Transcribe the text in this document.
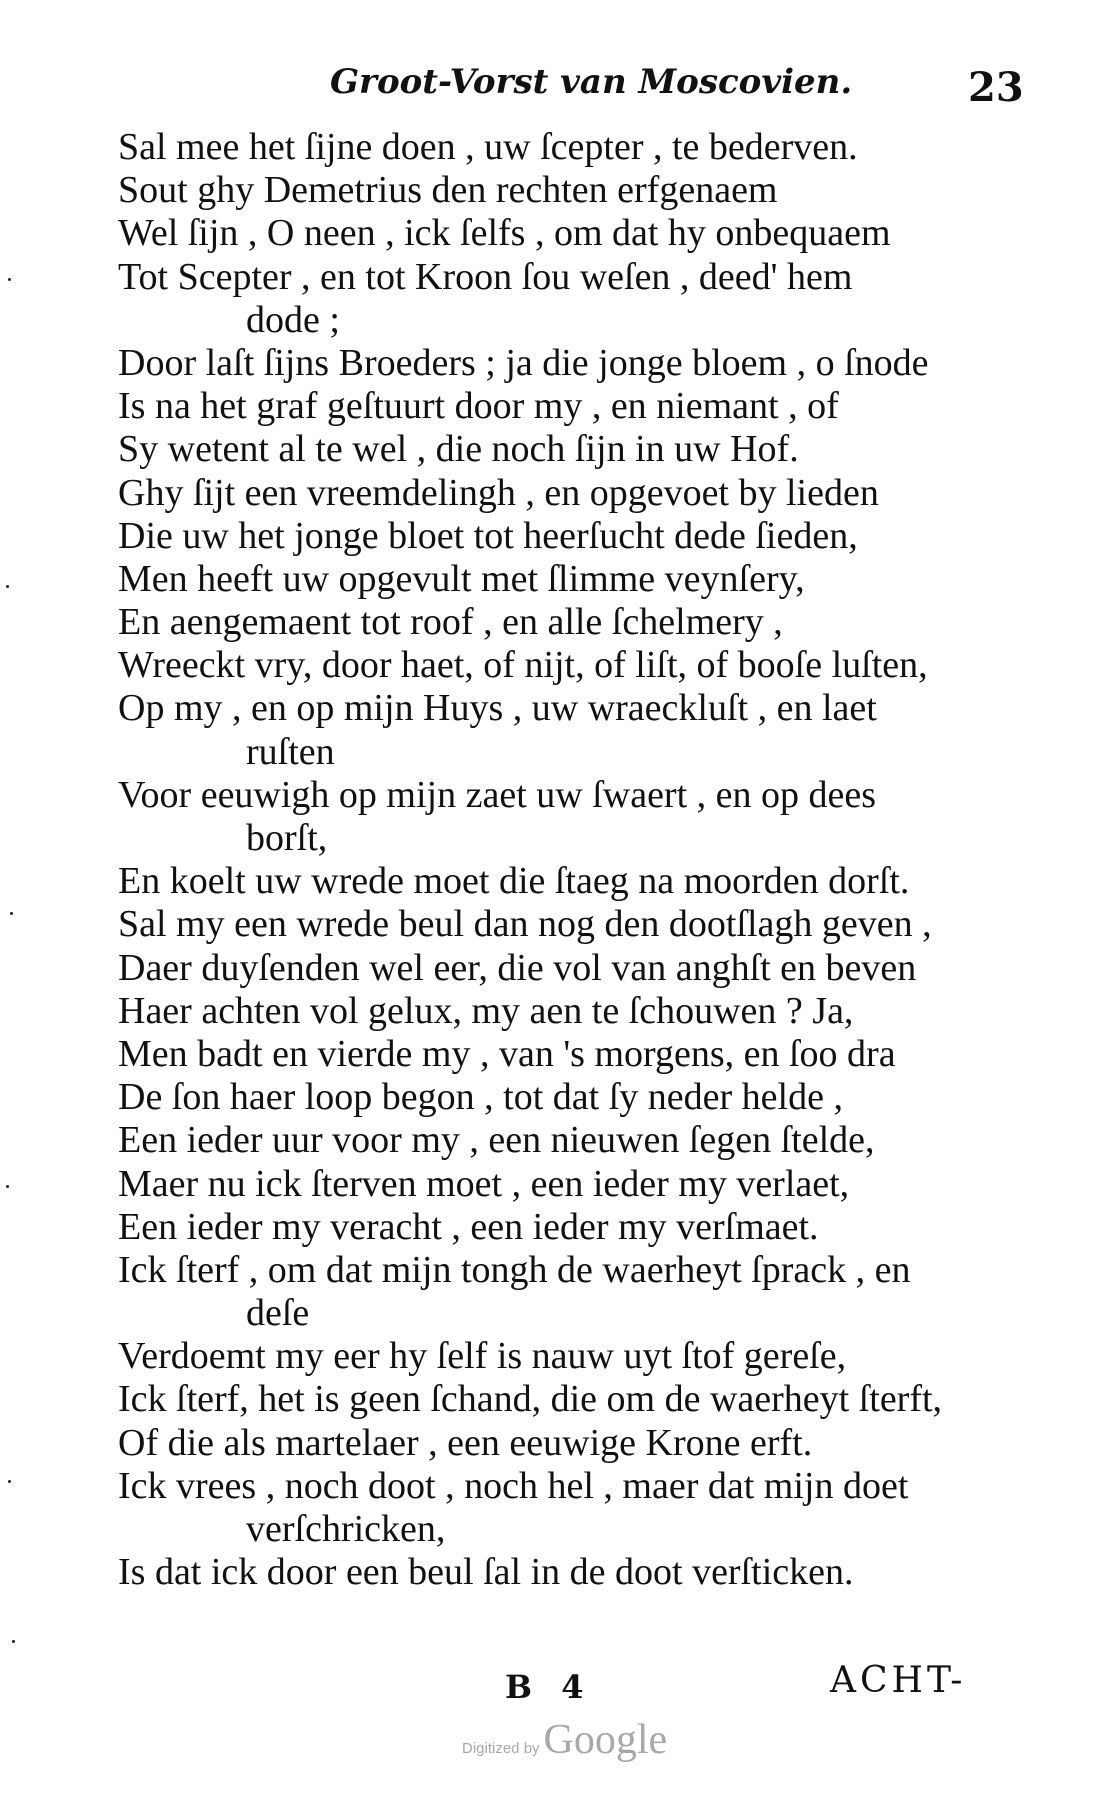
Groot-Vorst van Moscovien.	23
Sal mee het ſijne doen , uw ſcepter , te bederven.
Sout ghy Demetrius den rechten erfgenaem
Wel ſijn , O neen , ick ſelfs , om dat hy onbequaem
Tot Scepter , en tot Kroon ſou weſen , deed' hem
dode ;
Door laſt ſijns Broeders ; ja die jonge bloem , o ſnode
Is na het graf geſtuurt door my , en niemant , of
Sy wetent al te wel , die noch ſijn in uw Hof.
Ghy ſijt een vreemdelingh , en opgevoet by lieden
Die uw het jonge bloet tot heerſucht dede ſieden,
Men heeft uw opgevult met ſlimme veynſery,
En aengemaent tot roof , en alle ſchelmery ,
Wreeckt vry, door haet, of nijt, of liſt, of booſe luſten,
Op my , en op mijn Huys , uw wraeckluſt , en laet
ruſten
Voor eeuwigh op mijn zaet uw ſwaert , en op dees
borſt,
En koelt uw wrede moet die ſtaeg na moorden dorſt.
Sal my een wrede beul dan nog den dootſlagh geven ,
Daer duyſenden wel eer, die vol van anghſt en beven
Haer achten vol gelux, my aen te ſchouwen ? Ja,
Men badt en vierde my , van 's morgens, en ſoo dra
De ſon haer loop begon , tot dat ſy neder helde ,
Een ieder uur voor my , een nieuwen ſegen ſtelde,
Maer nu ick ſterven moet , een ieder my verlaet,
Een ieder my veracht , een ieder my verſmaet.
Ick ſterf , om dat mijn tongh de waerheyt ſprack , en
deſe
Verdoemt my eer hy ſelf is nauw uyt ſtof gereſe,
Ick ſterf, het is geen ſchand, die om de waerheyt ſterft,
Of die als martelaer , een eeuwige Krone erft.
Ick vrees , noch doot , noch hel , maer dat mijn doet
verſchricken,
Is dat ick door een beul ſal in de doot verſticken.
B 4	ACHT-
Digitized by Google
